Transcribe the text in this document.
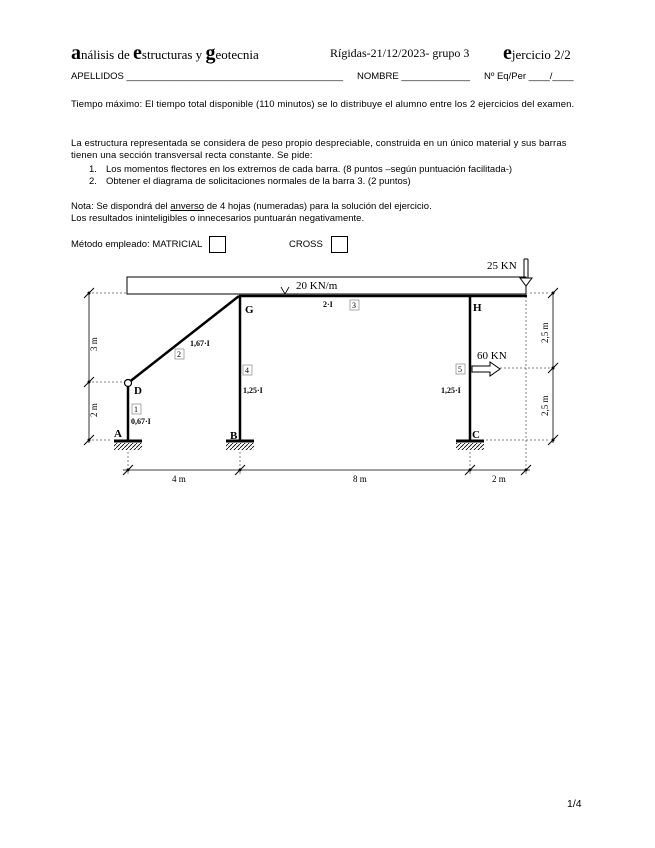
análisis de estructuras y geotecnia	Rígidas-21/12/2023- grupo 3 ejercicio 2/2
APELLIDOS _________________________________________ NOMBRE _____________ Nº Eq/Per ____/____
Tiempo máximo: El tiempo total disponible (110 minutos) se lo distribuye el alumno entre los 2 ejercicios del examen.
La estructura representada se considera de peso propio despreciable, construida en un único material y sus barras tienen una sección transversal recta constante. Se pide:
1. Los momentos flectores en los extremos de cada barra. (8 puntos –según puntuación facilitada-)
2. Obtener el diagrama de solicitaciones normales de la barra 3. (2 puntos)
Nota: Se dispondrá del anverso de 4 hojas (numeradas) para la solución del ejercicio.
Los resultados ininteligibles o innecesarios puntuarán negativamente.
Método empleado: MATRICIAL	CROSS
20 KN/m
25 KN
60 KN
D
A	B	C
G	H
1
2
3
4	5
0,67·I
1,67·I
2·I
1,25·I	1,25·I
3 m
2 m
2,5 m
2,5 m
4 m	8 m	2 m
1/4
